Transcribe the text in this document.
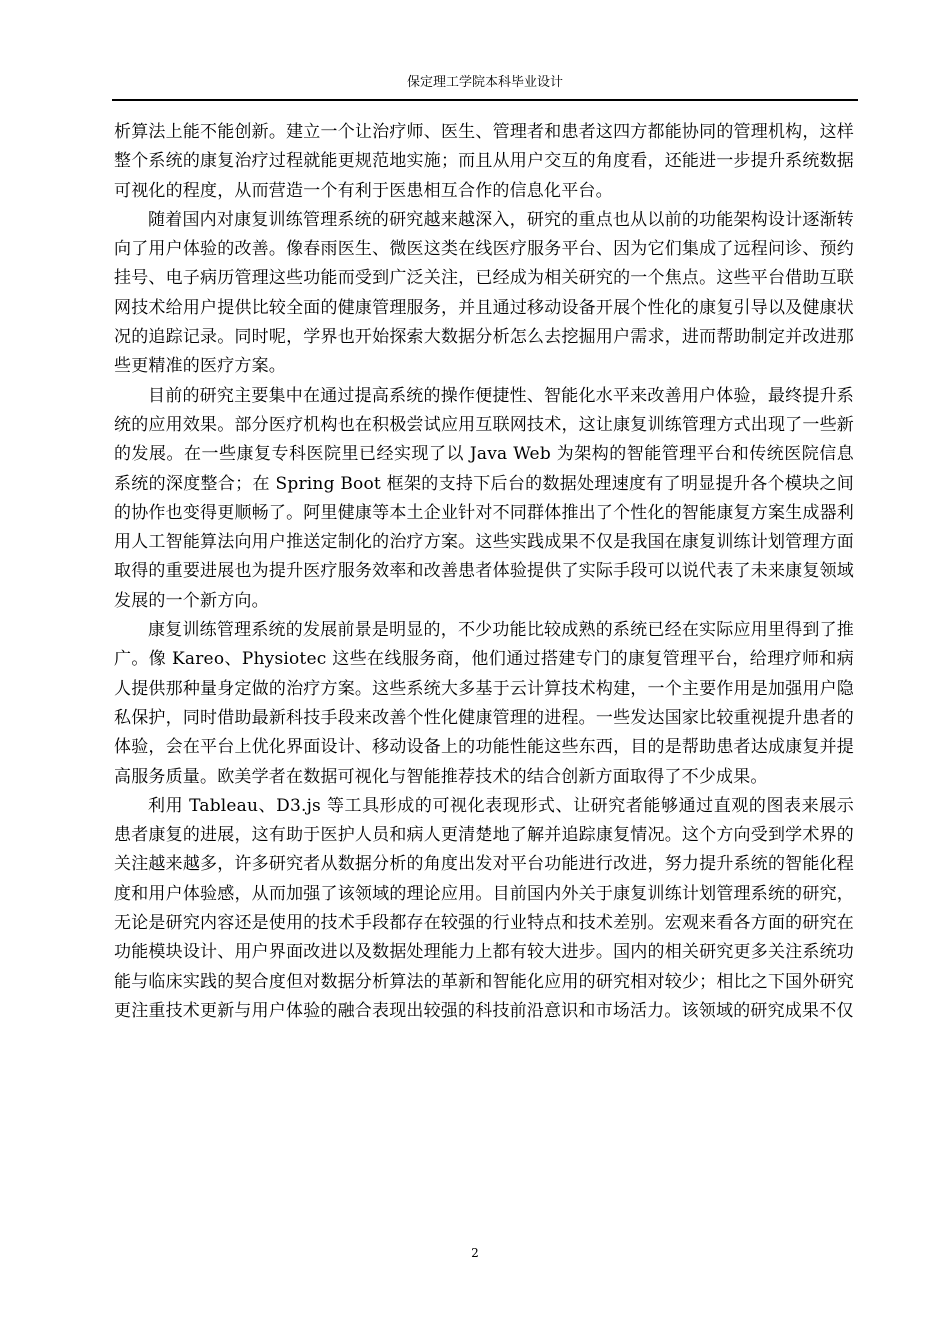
保定理工学院本科毕业设计

析算法上能不能创新。建立一个让治疗师、医生、管理者和患者这四方都能协同的管理机构，这样整个系统的康复治疗过程就能更规范地实施；而且从用户交互的角度看，还能进一步提升系统数据可视化的程度，从而营造一个有利于医患相互合作的信息化平台。

随着国内对康复训练管理系统的研究越来越深入，研究的重点也从以前的功能架构设计逐渐转向了用户体验的改善。像春雨医生、微医这类在线医疗服务平台、因为它们集成了远程问诊、预约挂号、电子病历管理这些功能而受到广泛关注，已经成为相关研究的一个焦点。这些平台借助互联网技术给用户提供比较全面的健康管理服务，并且通过移动设备开展个性化的康复引导以及健康状况的追踪记录。同时呢，学界也开始探索大数据分析怎么去挖掘用户需求，进而帮助制定并改进那些更精准的医疗方案。

目前的研究主要集中在通过提高系统的操作便捷性、智能化水平来改善用户体验，最终提升系统的应用效果。部分医疗机构也在积极尝试应用互联网技术，这让康复训练管理方式出现了一些新的发展。在一些康复专科医院里已经实现了以 Java Web 为架构的智能管理平台和传统医院信息系统的深度整合；在 Spring Boot 框架的支持下后台的数据处理速度有了明显提升各个模块之间的协作也变得更顺畅了。阿里健康等本土企业针对不同群体推出了个性化的智能康复方案生成器利用人工智能算法向用户推送定制化的治疗方案。这些实践成果不仅是我国在康复训练计划管理方面取得的重要进展也为提升医疗服务效率和改善患者体验提供了实际手段可以说代表了未来康复领域发展的一个新方向。

康复训练管理系统的发展前景是明显的，不少功能比较成熟的系统已经在实际应用里得到了推广。像 Kareo、Physiotec 这些在线服务商，他们通过搭建专门的康复管理平台，给理疗师和病人提供那种量身定做的治疗方案。这些系统大多基于云计算技术构建，一个主要作用是加强用户隐私保护，同时借助最新科技手段来改善个性化健康管理的进程。一些发达国家比较重视提升患者的体验，会在平台上优化界面设计、移动设备上的功能性能这些东西，目的是帮助患者达成康复并提高服务质量。欧美学者在数据可视化与智能推荐技术的结合创新方面取得了不少成果。

利用 Tableau、D3.js 等工具形成的可视化表现形式、让研究者能够通过直观的图表来展示患者康复的进展，这有助于医护人员和病人更清楚地了解并追踪康复情况。这个方向受到学术界的关注越来越多，许多研究者从数据分析的角度出发对平台功能进行改进，努力提升系统的智能化程度和用户体验感，从而加强了该领域的理论应用。目前国内外关于康复训练计划管理系统的研究，无论是研究内容还是使用的技术手段都存在较强的行业特点和技术差别。宏观来看各方面的研究在功能模块设计、用户界面改进以及数据处理能力上都有较大进步。国内的相关研究更多关注系统功能与临床实践的契合度但对数据分析算法的革新和智能化应用的研究相对较少；相比之下国外研究更注重技术更新与用户体验的融合表现出较强的科技前沿意识和市场活力。该领域的研究成果不仅

2
